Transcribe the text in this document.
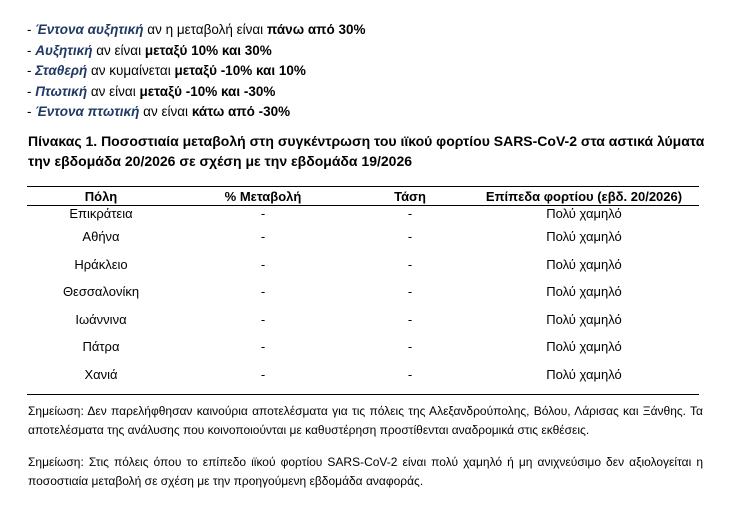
- Έντονα αυξητική αν η μεταβολή είναι πάνω από 30%
- Αυξητική αν είναι μεταξύ 10% και 30%
- Σταθερή αν κυμαίνεται μεταξύ -10% και 10%
- Πτωτική αν είναι μεταξύ -10% και -30%
- Έντονα πτωτική αν είναι κάτω από -30%
Πίνακας 1. Ποσοστιαία μεταβολή στη συγκέντρωση του ιϊκού φορτίου SARS-CoV-2 στα αστικά λύματα την εβδομάδα 20/2026 σε σχέση με την εβδομάδα 19/2026
Πόλη	% Μεταβολή	Τάση	Επίπεδα φορτίου (εβδ. 20/2026)
Επικράτεια	-	-	Πολύ χαμηλό
Αθήνα	-	-	Πολύ χαμηλό
Ηράκλειο	-	-	Πολύ χαμηλό
Θεσσαλονίκη	-	-	Πολύ χαμηλό
Ιωάννινα	-	-	Πολύ χαμηλό
Πάτρα	-	-	Πολύ χαμηλό
Χανιά	-	-	Πολύ χαμηλό
Σημείωση: Δεν παρελήφθησαν καινούρια αποτελέσματα για τις πόλεις της Αλεξανδρούπολης, Βόλου, Λάρισας και Ξάνθης. Τα αποτελέσματα της ανάλυσης που κοινοποιούνται με καθυστέρηση προστίθενται αναδρομικά στις εκθέσεις.
Σημείωση: Στις πόλεις όπου το επίπεδο ιϊκού φορτίου SARS-CoV-2 είναι πολύ χαμηλό ή μη ανιχνεύσιμο δεν αξιολογείται η ποσοστιαία μεταβολή σε σχέση με την προηγούμενη εβδομάδα αναφοράς.
